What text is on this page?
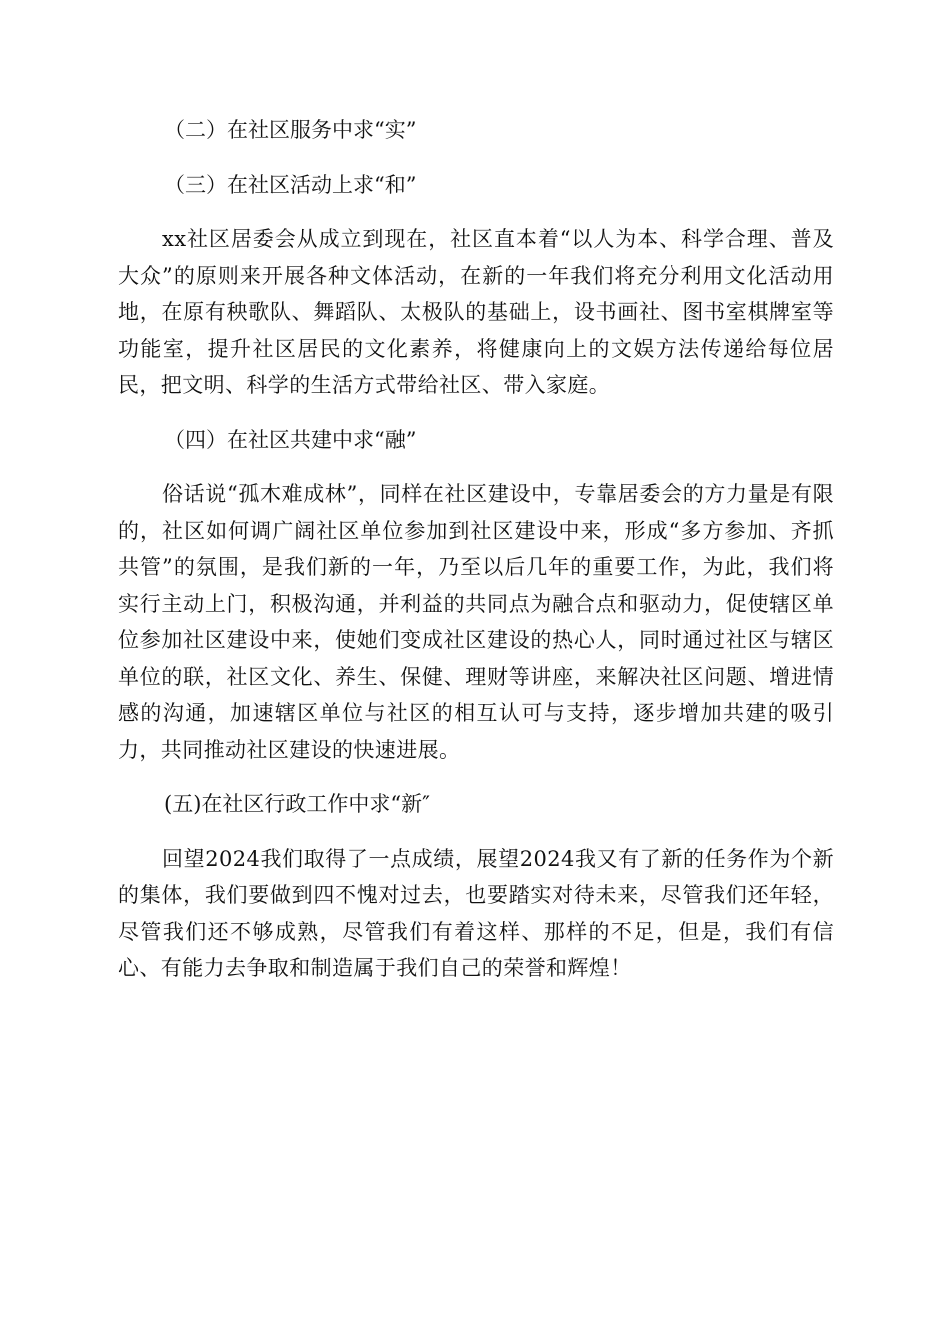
（二）在社区服务中求“实”

（三）在社区活动上求“和”

xx社区居委会从成立到现在，社区直本着“以人为本、科学合理、普及大众”的原则来开展各种文体活动，在新的一年我们将充分利用文化活动用地，在原有秧歌队、舞蹈队、太极队的基础上，设书画社、图书室棋牌室等功能室，提升社区居民的文化素养，将健康向上的文娱方法传递给每位居民，把文明、科学的生活方式带给社区、带入家庭。

（四）在社区共建中求“融”

俗话说“孤木难成林”，同样在社区建设中，专靠居委会的方力量是有限的，社区如何调广阔社区单位参加到社区建设中来，形成“多方参加、齐抓共管”的氛围，是我们新的一年，乃至以后几年的重要工作，为此，我们将实行主动上门，积极沟通，并利益的共同点为融合点和驱动力，促使辖区单位参加社区建设中来，使她们变成社区建设的热心人，同时通过社区与辖区单位的联，社区文化、养生、保健、理财等讲座，来解决社区问题、增进情感的沟通，加速辖区单位与社区的相互认可与支持，逐步增加共建的吸引力，共同推动社区建设的快速进展。

(五)在社区行政工作中求“新″

回望2024我们取得了一点成绩，展望2024我又有了新的任务作为个新的集体，我们要做到四不愧对过去，也要踏实对待未来，尽管我们还年轻，尽管我们还不够成熟，尽管我们有着这样、那样的不足，但是，我们有信心、有能力去争取和制造属于我们自己的荣誉和辉煌！
